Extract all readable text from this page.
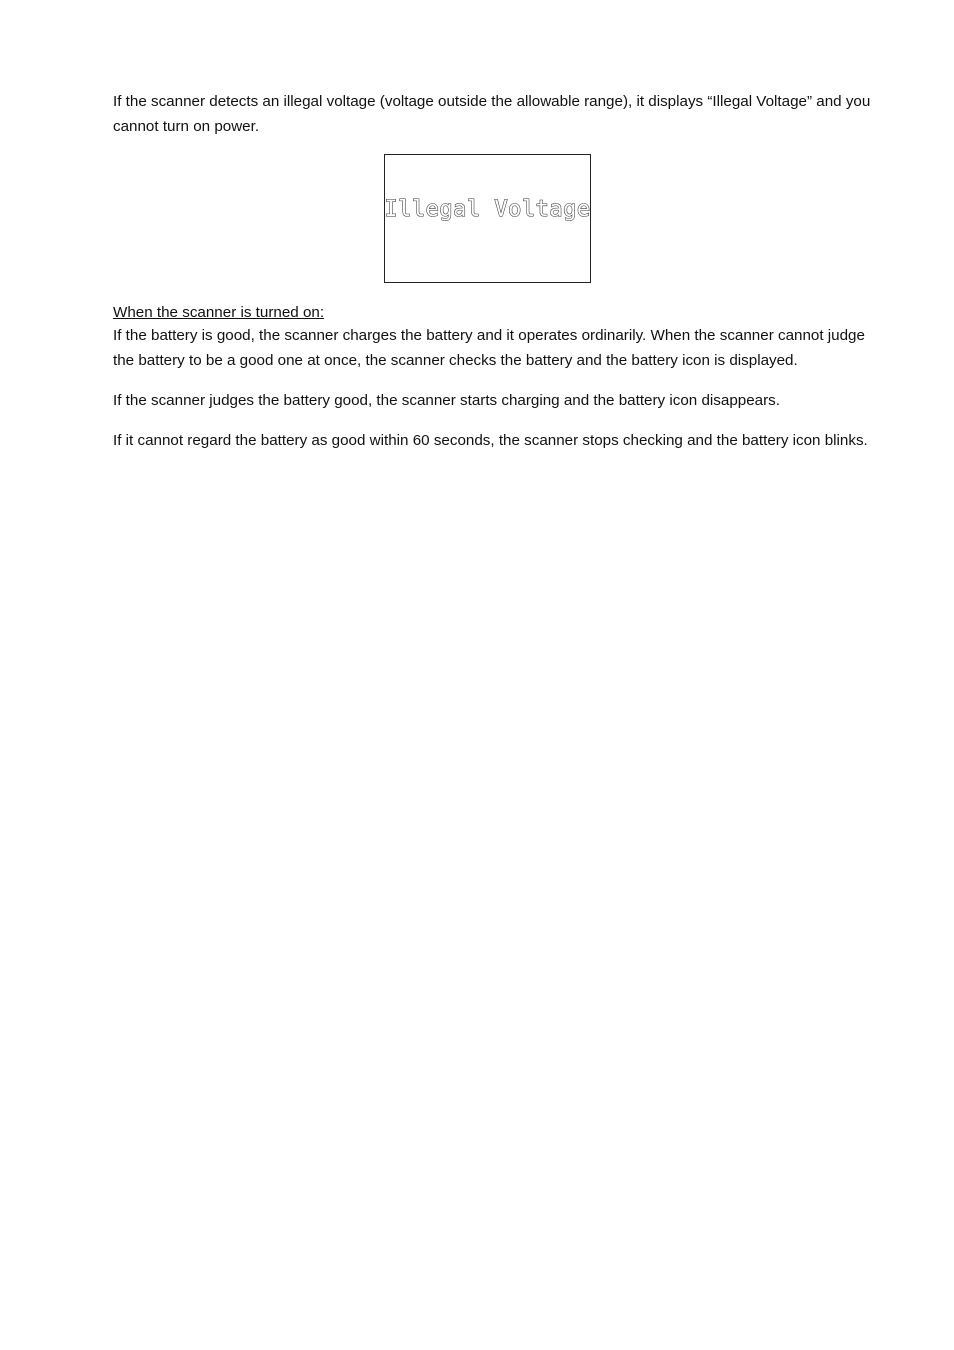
If the scanner detects an illegal voltage (voltage outside the allowable range), it displays “Illegal Voltage” and you cannot turn on power.

Illegal Voltage

When the scanner is turned on:

If the battery is good, the scanner charges the battery and it operates ordinarily. When the scanner cannot judge the battery to be a good one at once, the scanner checks the battery and the battery icon is displayed.

If the scanner judges the battery good, the scanner starts charging and the battery icon disappears.

If it cannot regard the battery as good within 60 seconds, the scanner stops checking and the battery icon blinks.
